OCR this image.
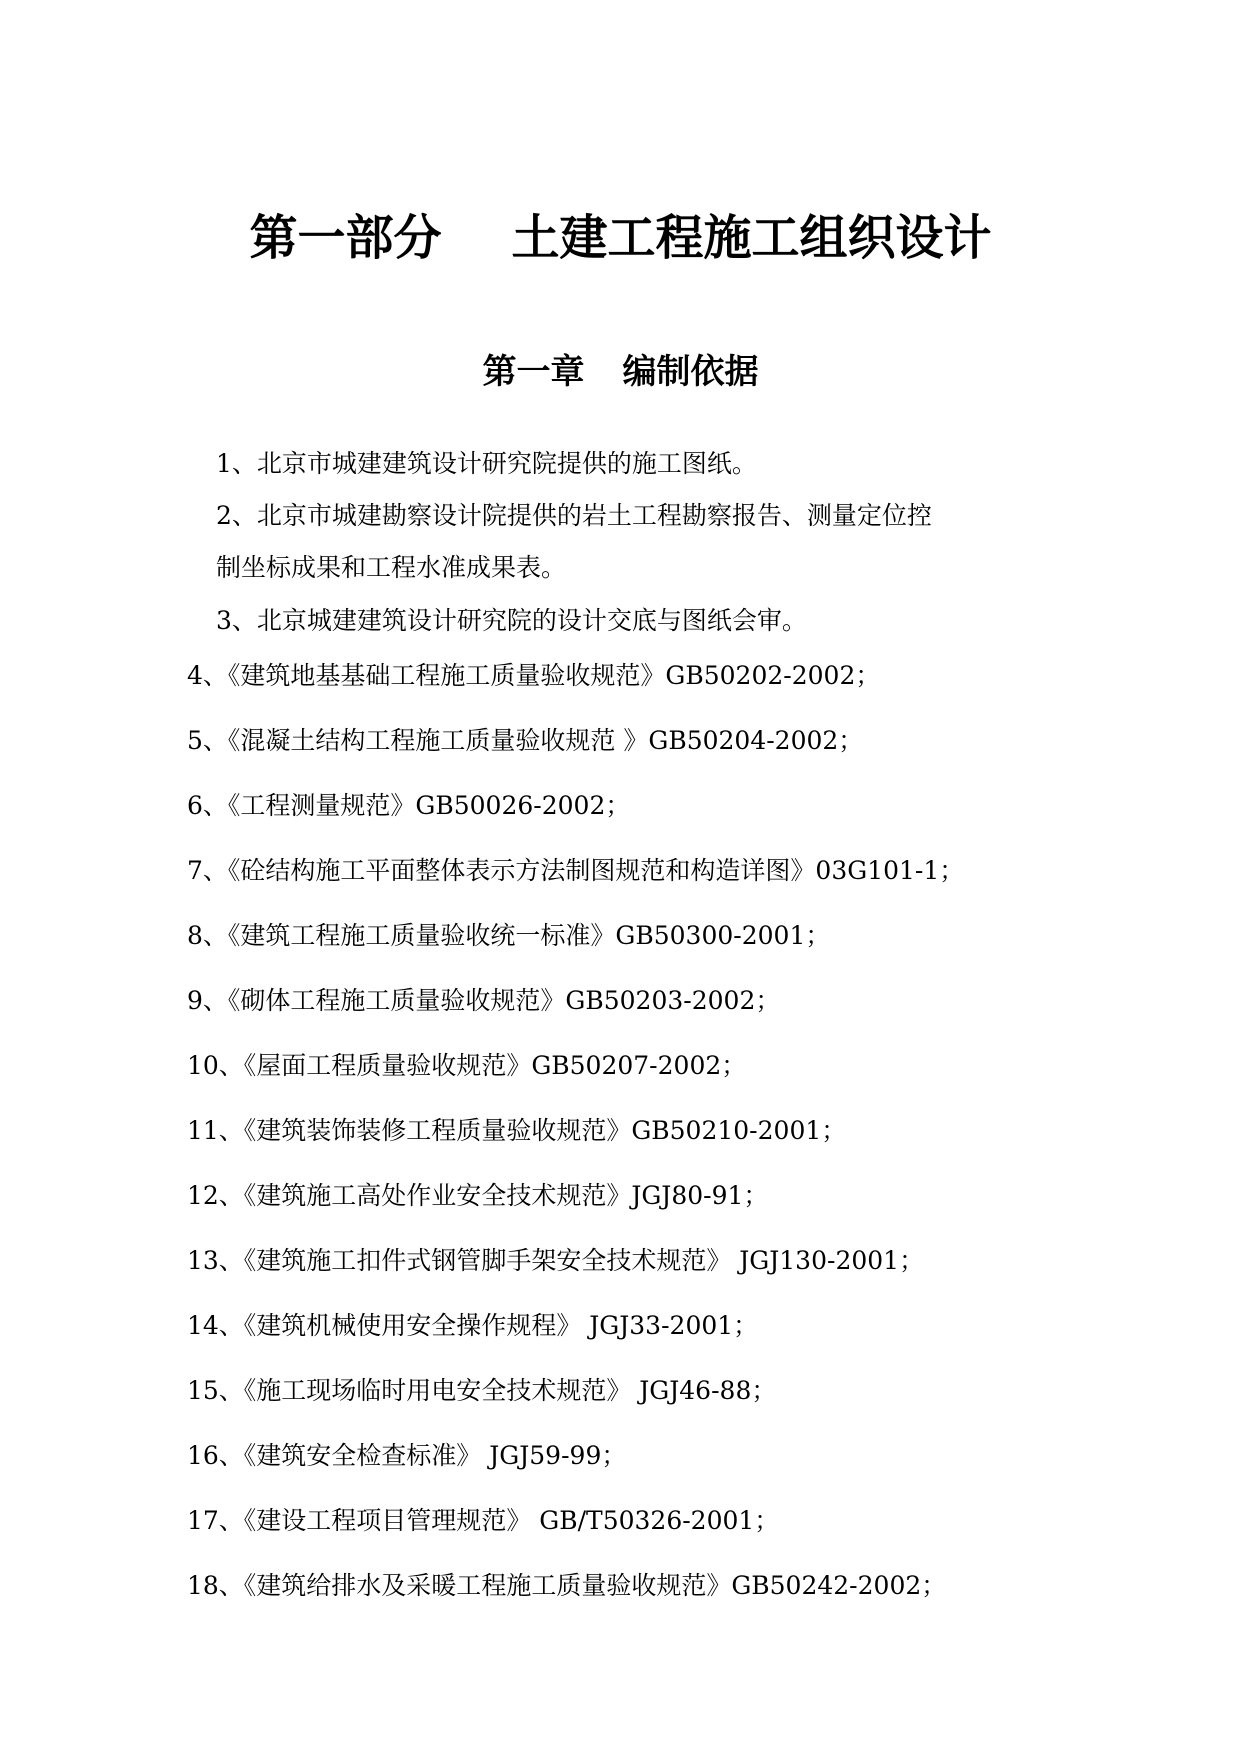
第一部分 土建工程施工组织设计
第一章 编制依据
1、北京市城建建筑设计研究院提供的施工图纸。
2、北京市城建勘察设计院提供的岩土工程勘察报告、测量定位控
制坐标成果和工程水准成果表。
3、北京城建建筑设计研究院的设计交底与图纸会审。
4、《建筑地基基础工程施工质量验收规范》GB50202-2002；
5、《混凝土结构工程施工质量验收规范 》GB50204-2002；
6、《工程测量规范》GB50026-2002；
7、《砼结构施工平面整体表示方法制图规范和构造详图》03G101-1；
8、《建筑工程施工质量验收统一标准》GB50300-2001；
9、《砌体工程施工质量验收规范》GB50203-2002；
10、《屋面工程质量验收规范》GB50207-2002；
11、《建筑装饰装修工程质量验收规范》GB50210-2001；
12、《建筑施工高处作业安全技术规范》JGJ80-91；
13、《建筑施工扣件式钢管脚手架安全技术规范》 JGJ130-2001；
14、《建筑机械使用安全操作规程》 JGJ33-2001；
15、《施工现场临时用电安全技术规范》 JGJ46-88；
16、《建筑安全检查标准》 JGJ59-99；
17、《建设工程项目管理规范》 GB/T50326-2001；
18、《建筑给排水及采暖工程施工质量验收规范》GB50242-2002；
